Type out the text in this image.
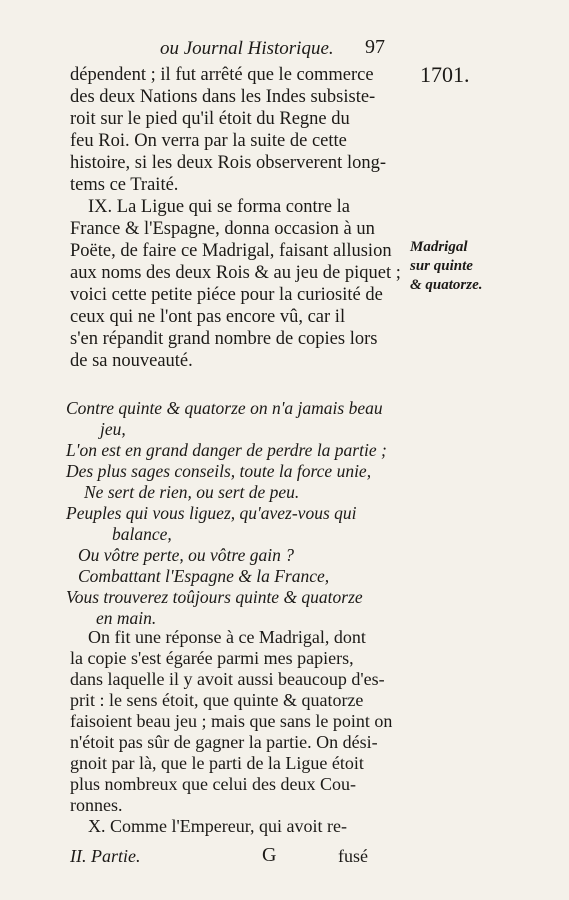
ou Journal Historique. 97
1701.
dépendent ; il fut arrêté que le commerce
des deux Nations dans les Indes subsiste-
roit sur le pied qu'il étoit du Regne du
feu Roi. On verra par la suite de cette
histoire, si les deux Rois observerent long-
tems ce Traité.
IX. La Ligue qui se forma contre la
France & l'Espagne, donna occasion à un
Poëte, de faire ce Madrigal, faisant allusion
aux noms des deux Rois & au jeu de piquet ;
voici cette petite piéce pour la curiosité de
ceux qui ne l'ont pas encore vû, car il
s'en répandit grand nombre de copies lors
de sa nouveauté.
Madrigal
sur quinte
& quatorze.
Contre quinte & quatorze on n'a jamais beau
jeu,
L'on est en grand danger de perdre la partie ;
Des plus sages conseils, toute la force unie,
Ne sert de rien, ou sert de peu.
Peuples qui vous liguez, qu'avez-vous qui
balance,
Ou vôtre perte, ou vôtre gain ?
Combattant l'Espagne & la France,
Vous trouverez toûjours quinte & quatorze
en main.
On fit une réponse à ce Madrigal, dont
la copie s'est égarée parmi mes papiers,
dans laquelle il y avoit aussi beaucoup d'es-
prit : le sens étoit, que quinte & quatorze
faisoient beau jeu ; mais que sans le point on
n'étoit pas sûr de gagner la partie. On dési-
gnoit par là, que le parti de la Ligue étoit
plus nombreux que celui des deux Cou-
ronnes.
X. Comme l'Empereur, qui avoit re-
II. Partie.	G	fusé
